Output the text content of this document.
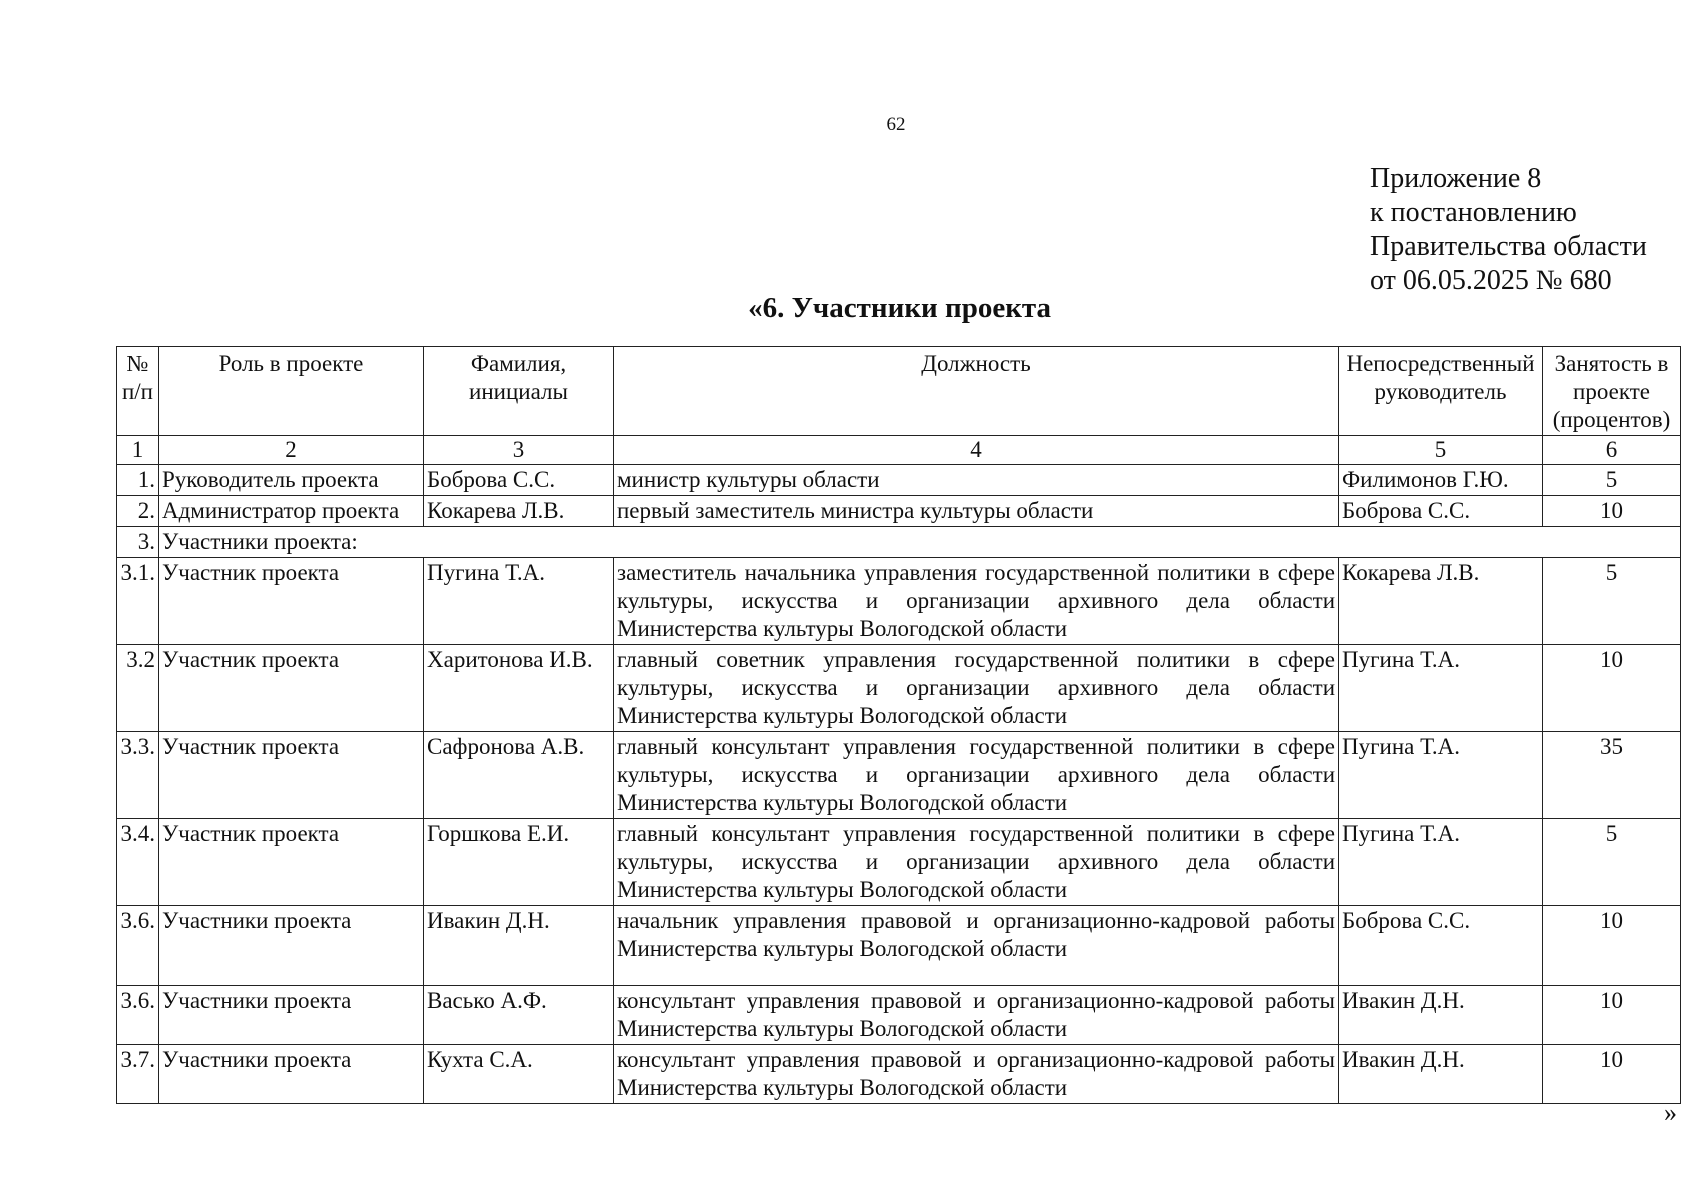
62
Приложение 8
к постановлению
Правительства области
от 06.05.2025 № 680
«6. Участники проекта
№ п/п	Роль в проекте	Фамилия, инициалы	Должность	Непосредственный руководитель	Занятость в проекте (процентов)
1	2	3	4	5	6
1.	Руководитель проекта	Боброва С.С.	министр культуры области	Филимонов Г.Ю.	5
2.	Администратор проекта	Кокарева Л.В.	первый заместитель министра культуры области	Боброва С.С.	10
3.	Участники проекта:				
3.1.	Участник проекта	Пугина Т.А.	заместитель начальника управления государственной политики в сфере культуры, искусства и организации архивного дела области Министерства культуры Вологодской области	Кокарева Л.В.	5
3.2	Участник проекта	Харитонова И.В.	главный советник управления государственной политики в сфере культуры, искусства и организации архивного дела области Министерства культуры Вологодской области	Пугина Т.А.	10
3.3.	Участник проекта	Сафронова А.В.	главный консультант управления государственной политики в сфере культуры, искусства и организации архивного дела области Министерства культуры Вологодской области	Пугина Т.А.	35
3.4.	Участник проекта	Горшкова Е.И.	главный консультант управления государственной политики в сфере культуры, искусства и организации архивного дела области Министерства культуры Вологодской области	Пугина Т.А.	5
3.6.	Участники проекта	Ивакин Д.Н.	начальник управления правовой и организационно-кадровой работы Министерства культуры Вологодской области	Боброва С.С.	10
3.6.	Участники проекта	Васько А.Ф.	консультант управления правовой и организационно-кадровой работы Министерства культуры Вологодской области	Ивакин Д.Н.	10
3.7.	Участники проекта	Кухта С.А.	консультант управления правовой и организационно-кадровой работы Министерства культуры Вологодской области	Ивакин Д.Н.	10
»
